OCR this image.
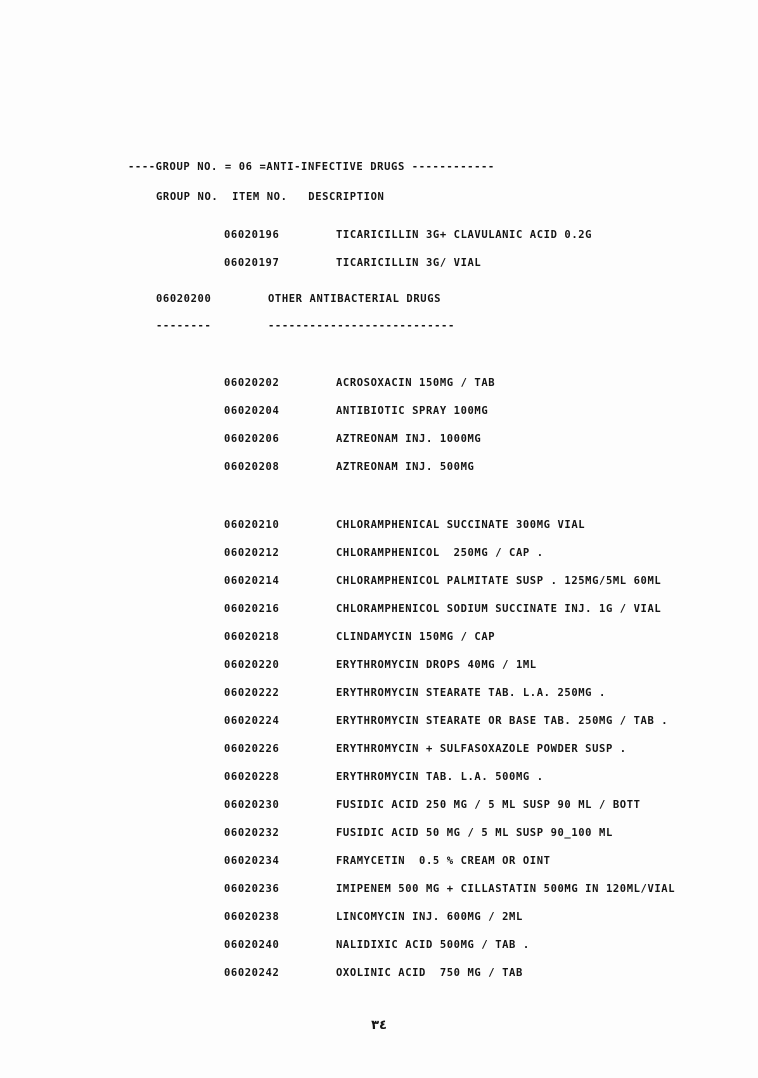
----GROUP NO. = 06 =ANTI-INFECTIVE DRUGS ------------
GROUP NO.  ITEM NO.   DESCRIPTION
06020196	TICARICILLIN 3G+ CLAVULANIC ACID 0.2G
06020197	TICARICILLIN 3G/ VIAL
06020200	OTHER ANTIBACTERIAL DRUGS
--------	---------------------------
06020202	ACROSOXACIN 150MG / TAB
06020204	ANTIBIOTIC SPRAY 100MG
06020206	AZTREONAM INJ. 1000MG
06020208	AZTREONAM INJ. 500MG
06020210	CHLORAMPHENICAL SUCCINATE 300MG VIAL
06020212	CHLORAMPHENICOL  250MG / CAP .
06020214	CHLORAMPHENICOL PALMITATE SUSP . 125MG/5ML 60ML
06020216	CHLORAMPHENICOL SODIUM SUCCINATE INJ. 1G / VIAL
06020218	CLINDAMYCIN 150MG / CAP
06020220	ERYTHROMYCIN DROPS 40MG / 1ML
06020222	ERYTHROMYCIN STEARATE TAB. L.A. 250MG .
06020224	ERYTHROMYCIN STEARATE OR BASE TAB. 250MG / TAB .
06020226	ERYTHROMYCIN + SULFASOXAZOLE POWDER SUSP .
06020228	ERYTHROMYCIN TAB. L.A. 500MG .
06020230	FUSIDIC ACID 250 MG / 5 ML SUSP 90 ML / BOTT
06020232	FUSIDIC ACID 50 MG / 5 ML SUSP 90_100 ML
06020234	FRAMYCETIN  0.5 % CREAM OR OINT
06020236	IMIPENEM 500 MG + CILLASTATIN 500MG IN 120ML/VIAL
06020238	LINCOMYCIN INJ. 600MG / 2ML
06020240	NALIDIXIC ACID 500MG / TAB .
06020242	OXOLINIC ACID  750 MG / TAB
٣٤
